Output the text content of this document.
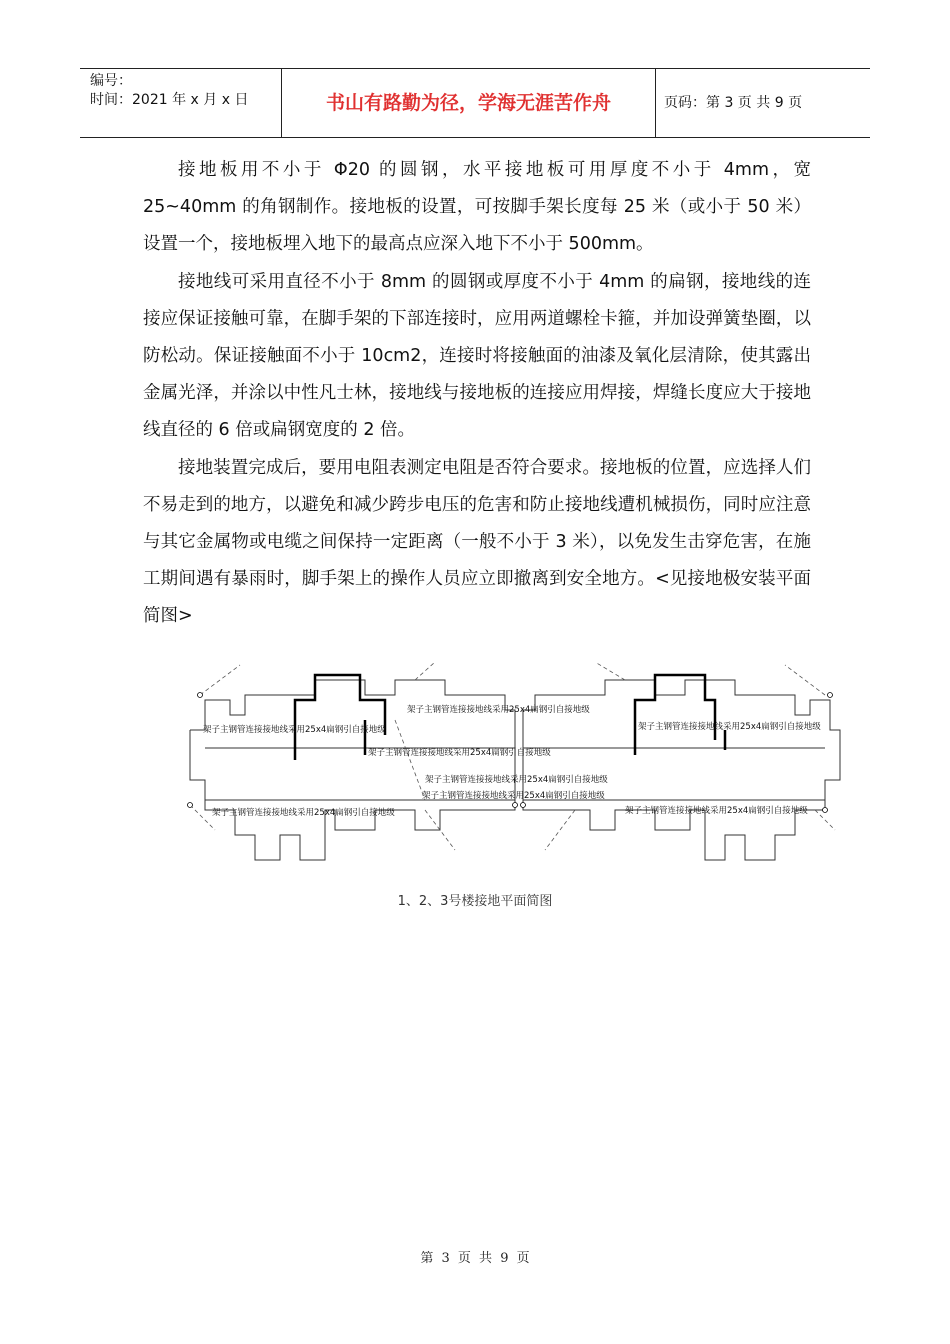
编号：
时间：2021 年 x 月 x 日	书山有路勤为径，学海无涯苦作舟	页码：第 3 页 共 9 页

接地板用不小于 Φ20 的圆钢，水平接地板可用厚度不小于 4mm，宽 25~40mm 的角钢制作。接地板的设置，可按脚手架长度每 25 米（或小于 50 米）设置一个，接地板埋入地下的最高点应深入地下不小于 500mm。

接地线可采用直径不小于 8mm 的圆钢或厚度不小于 4mm 的扁钢，接地线的连接应保证接触可靠，在脚手架的下部连接时，应用两道螺栓卡箍，并加设弹簧垫圈，以防松动。保证接触面不小于 10cm2，连接时将接触面的油漆及氧化层清除，使其露出金属光泽，并涂以中性凡士林，接地线与接地板的连接应用焊接，焊缝长度应大于接地线直径的 6 倍或扁钢宽度的 2 倍。

接地装置完成后，要用电阻表测定电阻是否符合要求。接地板的位置，应选择人们不易走到的地方，以避免和减少跨步电压的危害和防止接地线遭机械损伤，同时应注意与其它金属物或电缆之间保持一定距离（一般不小于 3 米），以免发生击穿危害，在施工期间遇有暴雨时，脚手架上的操作人员应立即撤离到安全地方。<见接地极安装平面简图>

架子主钢管连接接地线采用25x4扁钢引自接地级
架子主钢管连接接地线采用25x4扁钢引自接地级
架子主钢管连接接地线采用25x4扁钢引自接地级
架子主钢管连接接地线采用25x4扁钢引自接地级
架子主钢管连接接地线采用25x4扁钢引自接地级
架子主钢管连接接地线采用25x4扁钢引自接地级
架子主钢管连接接地线采用25x4扁钢引自接地级
架子主钢管连接接地线采用25x4扁钢引自接地级
1、2、3号楼接地平面简图
第 3 页 共 9 页
